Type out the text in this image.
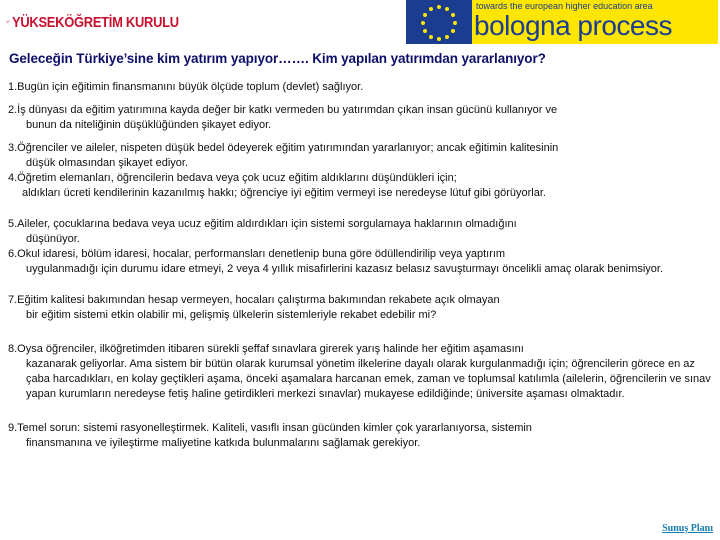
YÜKSEKÖĞRETİM KURULU
towards the european higher education area
bologna process
Geleceğin Türkiye’sine kim yatırım yapıyor……. Kim yapılan yatırımdan yararlanıyor?
1.Bugün için eğitimin finansmanını büyük ölçüde toplum (devlet) sağlıyor.
2.İş dünyası da eğitim yatırımına kayda değer bir katkı vermeden bu yatırımdan çıkan insan gücünü kullanıyor ve
bunun da niteliğinin düşüklüğünden şikayet ediyor.
3.Öğrenciler ve aileler, nispeten düşük bedel ödeyerek eğitim yatırımından yararlanıyor; ancak eğitimin kalitesinin
düşük olmasından şikayet ediyor.
4.Öğretim elemanları, öğrencilerin bedava veya çok ucuz eğitim aldıklarını düşündükleri için;
aldıkları ücreti kendilerinin kazanılmış hakkı; öğrenciye iyi eğitim vermeyi ise neredeyse lütuf gibi görüyorlar.
5.Aileler, çocuklarına bedava veya ucuz eğitim aldırdıkları için sistemi sorgulamaya haklarının olmadığını
düşünüyor.
6.Okul idaresi, bölüm idaresi, hocalar, performansları denetlenip buna göre ödüllendirilip veya yaptırım
uygulanmadığı için durumu idare etmeyi, 2 veya 4 yıllık misafirlerini kazasız belasız savuşturmayı öncelikli amaç olarak benimsiyor.
7.Eğitim kalitesi bakımından hesap vermeyen, hocaları çalıştırma bakımından rekabete açık olmayan
bir eğitim sistemi etkin olabilir mi, gelişmiş ülkelerin sistemleriyle rekabet edebilir mi?
8.Oysa öğrenciler, ilköğretimden itibaren sürekli şeffaf sınavlara girerek yarış halinde her eğitim aşamasını
kazanarak geliyorlar. Ama sistem bir bütün olarak kurumsal yönetim ilkelerine dayalı olarak kurgulanmadığı için; öğrencilerin görece en az çaba harcadıkları, en kolay geçtikleri aşama, önceki aşamalara harcanan emek, zaman ve toplumsal katılımla (ailelerin, öğrencilerin ve sınav yapan kurumların neredeyse fetiş haline getirdikleri merkezi sınavlar) mukayese edildiğinde; üniversite aşaması olmaktadır.
9.Temel sorun: sistemi rasyonelleştirmek. Kaliteli, vasıflı insan gücünden kimler çok yararlanıyorsa, sistemin
finansmanına ve iyileştirme maliyetine katkıda bulunmalarını sağlamak gerekiyor.
Sunuş Planı
